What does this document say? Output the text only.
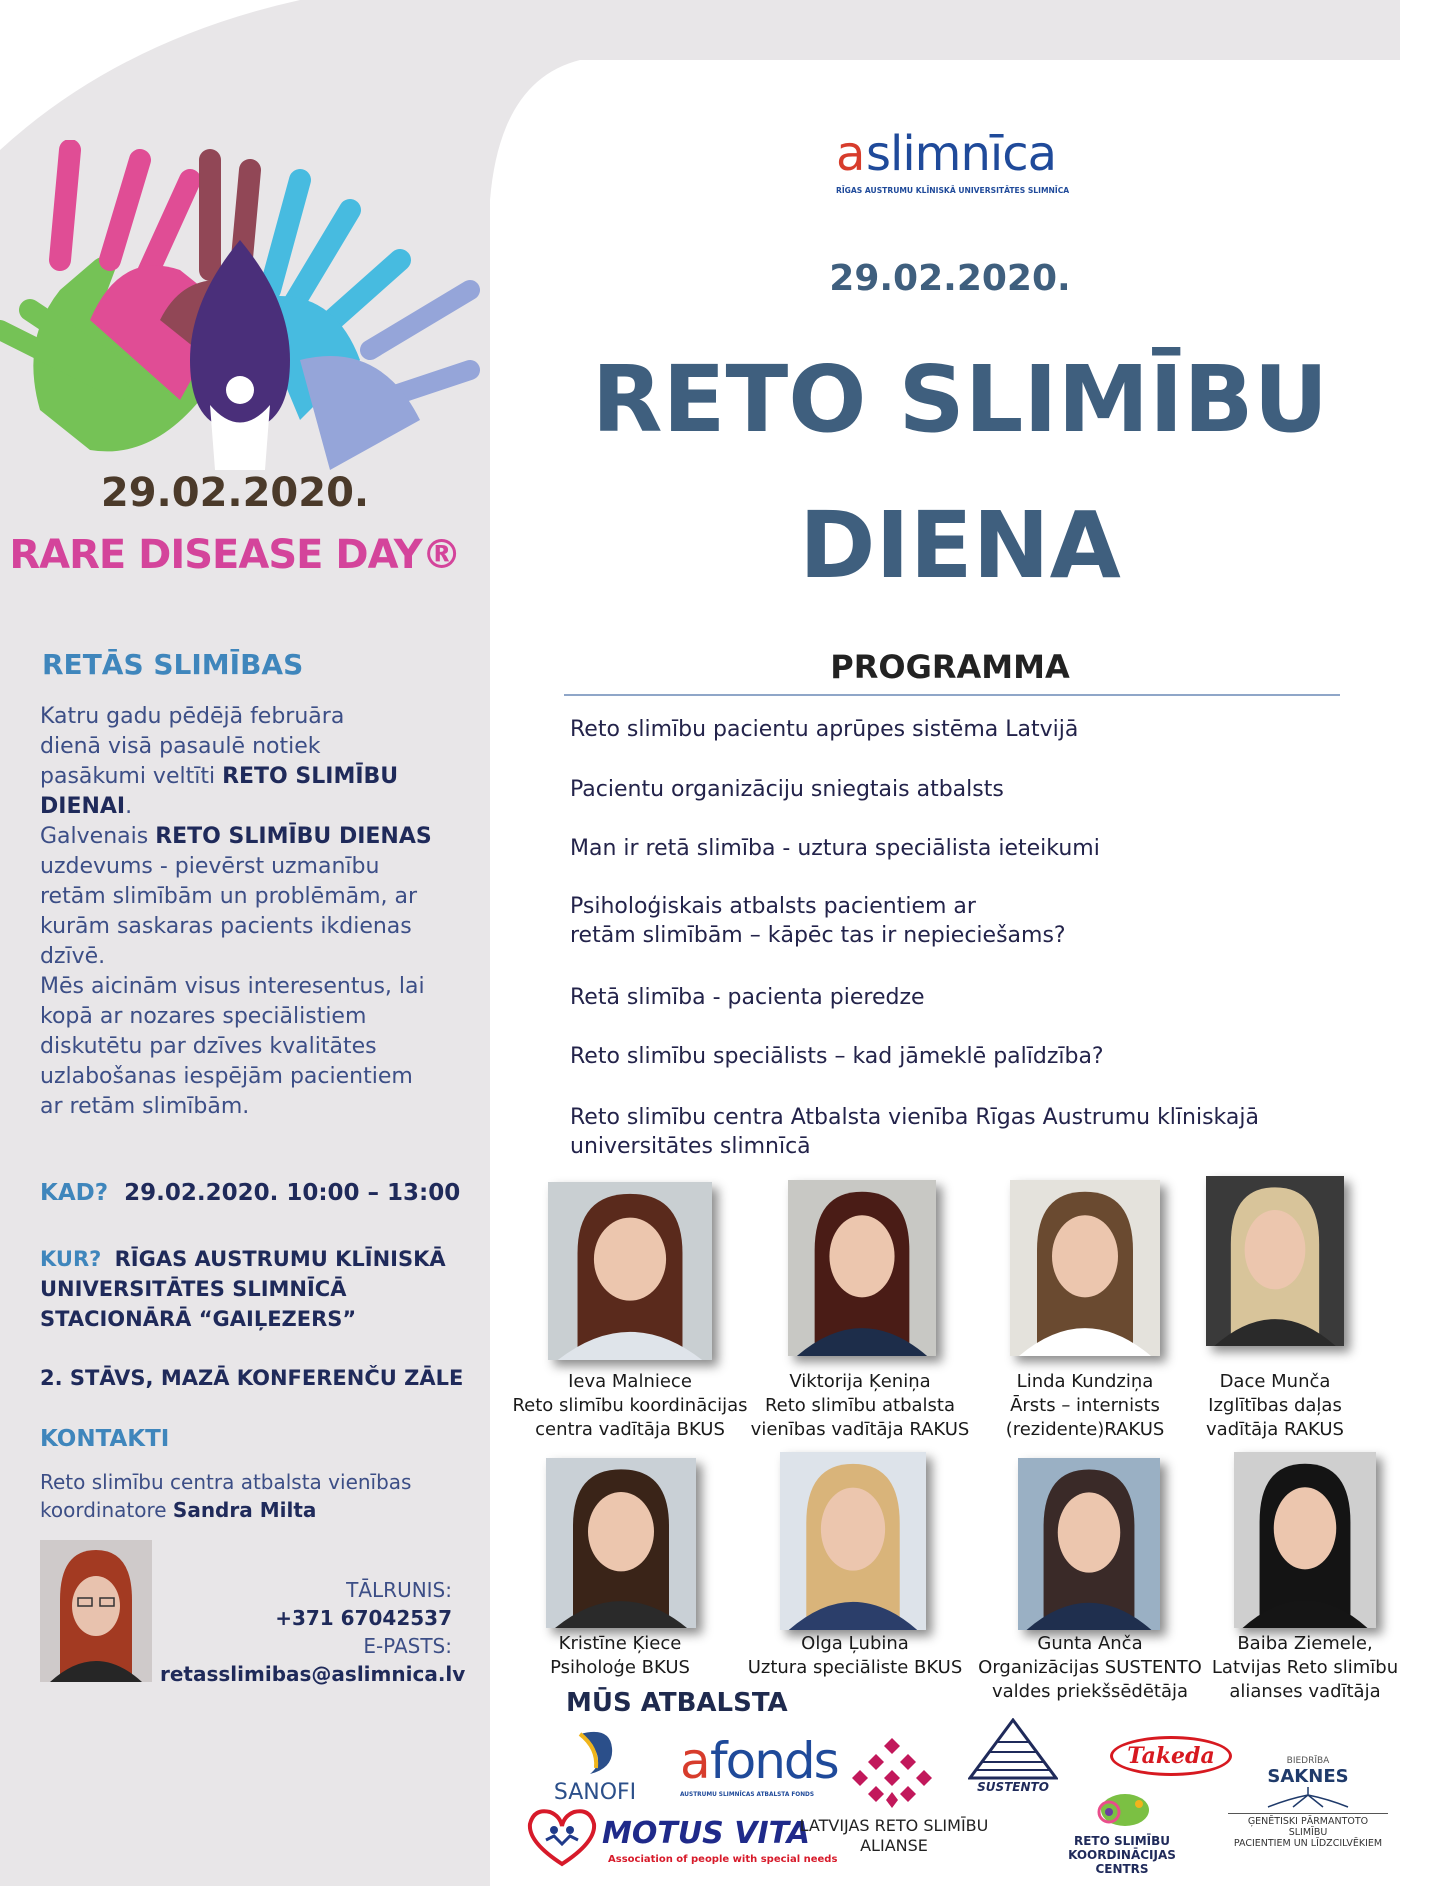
29.02.2020.
RARE DISEASE DAY®
a slimnīca
RĪGAS AUSTRUMU KLĪNISKĀ UNIVERSITĀTES SLIMNĪCA
29.02.2020.
RETO SLIMĪBU
DIENA
PROGRAMMA
Reto slimību pacientu aprūpes sistēma Latvijā
Pacientu organizāciju sniegtais atbalsts
Man ir retā slimība - uztura speciālista ieteikumi
Psiholoģiskais atbalsts pacientiem ar
retām slimībām – kāpēc tas ir nepieciešams?
Retā slimība - pacienta pieredze
Reto slimību speciālists – kad jāmeklē palīdzība?
Reto slimību centra Atbalsta vienība Rīgas Austrumu klīniskajā
universitātes slimnīcā
RETĀS SLIMĪBAS
Katru gadu pēdējā februāra
dienā visā pasaulē notiek
pasākumi veltīti RETO SLIMĪBU
DIENAI.
Galvenais RETO SLIMĪBU DIENAS
uzdevums - pievērst uzmanību
retām slimībām un problēmām, ar
kurām saskaras pacients ikdienas
dzīvē.
Mēs aicinām visus interesentus, lai
kopā ar nozares speciālistiem
diskutētu par dzīves kvalitātes
uzlabošanas iespējām pacientiem
ar retām slimībām.
KAD? 29.02.2020. 10:00 – 13:00
KUR? RĪGAS AUSTRUMU KLĪNISKĀ
UNIVERSITĀTES SLIMNĪCĀ
STACIONĀRĀ “GAIĻEZERS”
2. STĀVS, MAZĀ KONFERENČU ZĀLE
KONTAKTI
Reto slimību centra atbalsta vienības
koordinatore Sandra Milta
TĀLRUNIS:
+371 67042537
E-PASTS:
retasslimibas@aslimnica.lv
Ieva Malniece
Reto slimību koordinācijas
centra vadītāja BKUS
Viktorija Ķeniņa
Reto slimību atbalsta
vienības vadītāja RAKUS
Linda Kundziņa
Ārsts – internists
(rezidente)RAKUS
Dace Munča
Izglītības daļas
vadītāja RAKUS
Kristīne Ķiece
Psiholoģe BKUS
Olga Ļubina
Uztura speciāliste BKUS
Gunta Anča
Organizācijas SUSTENTO
valdes priekšsēdētāja
Baiba Ziemele,
Latvijas Reto slimību
alianses vadītāja
MŪS ATBALSTA
SANOFI
a fonds
AUSTRUMU SLIMNĪCAS ATBALSTA FONDS
SUSTENTO
Takeda	BIEDRĪBA
SAKNES
ĢENĒTISKI PĀRMANTOTO SLIMĪBU
PACIENTIEM UN LĪDZCILVĒKIEM
MOTUS VITA
Association of people with special needs
LATVIJAS RETO SLIMĪBU
ALIANSE	RETO SLIMĪBU
KOORDINĀCIJAS
CENTRS
